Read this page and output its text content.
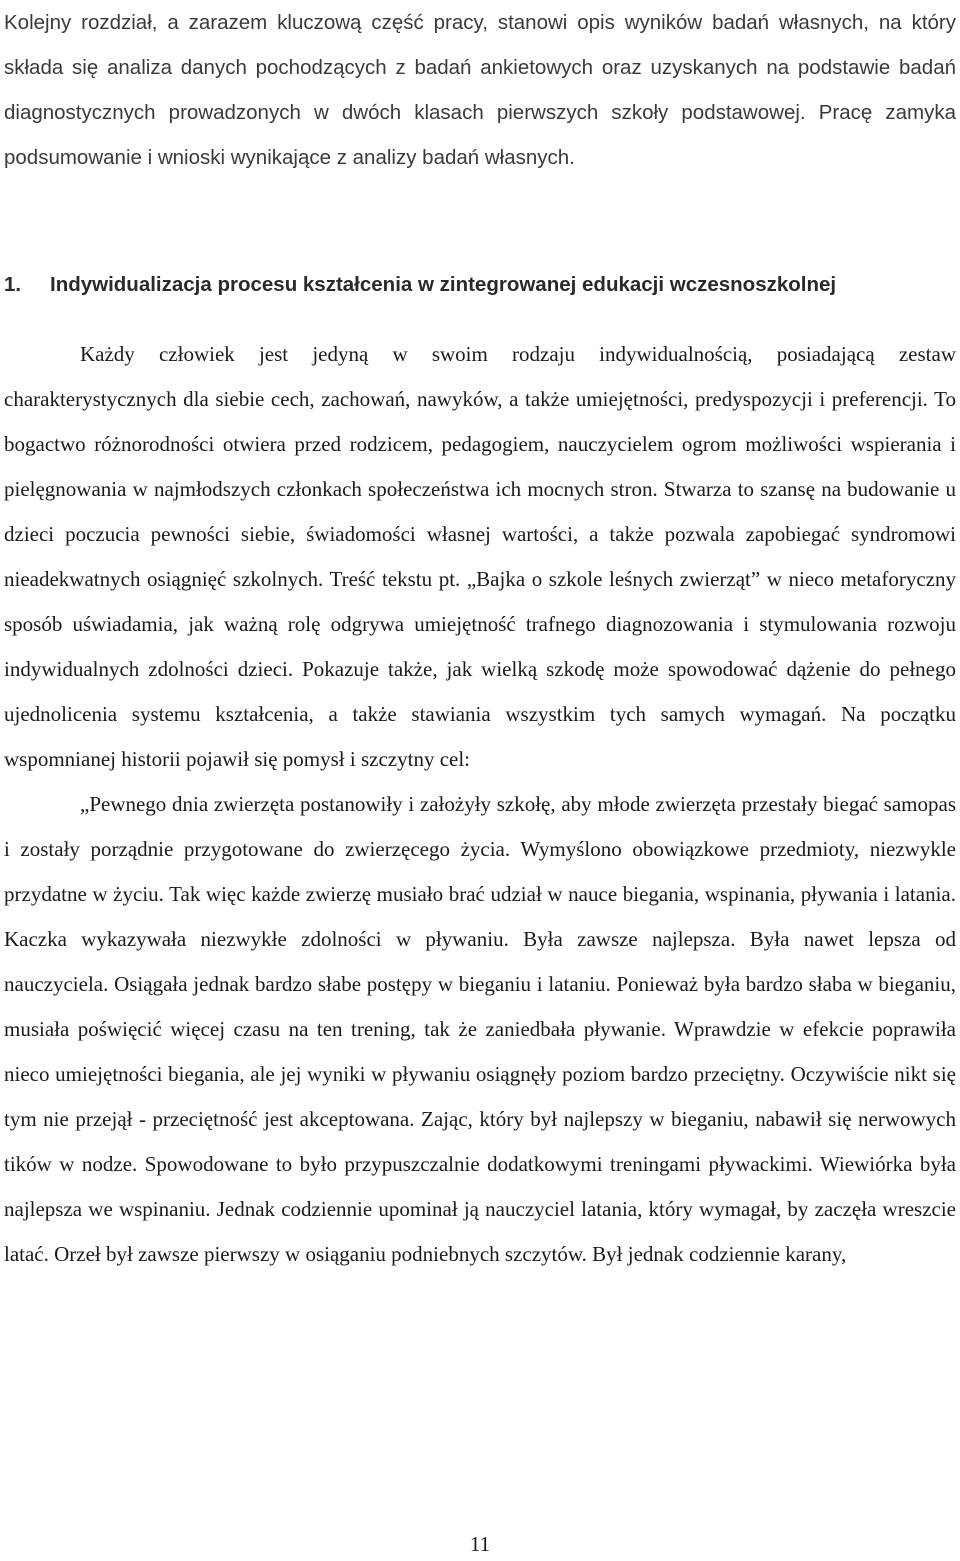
Kolejny rozdział, a zarazem kluczową część pracy, stanowi opis wyników badań własnych, na który składa się analiza danych pochodzących z badań ankietowych oraz uzyskanych na podstawie badań diagnostycznych prowadzonych w dwóch klasach pierwszych szkoły podstawowej. Pracę zamyka podsumowanie i wnioski wynikające z analizy badań własnych.

1. Indywidualizacja procesu kształcenia w zintegrowanej edukacji wczesnoszkolnej

Każdy człowiek jest jedyną w swoim rodzaju indywidualnością, posiadającą zestaw charakterystycznych dla siebie cech, zachowań, nawyków, a także umiejętności, predyspozycji i preferencji. To bogactwo różnorodności otwiera przed rodzicem, pedagogiem, nauczycielem ogrom możliwości wspierania i pielęgnowania w najmłodszych członkach społeczeństwa ich mocnych stron. Stwarza to szansę na budowanie u dzieci poczucia pewności siebie, świadomości własnej wartości, a także pozwala zapobiegać syndromowi nieadekwatnych osiągnięć szkolnych. Treść tekstu pt. „Bajka o szkole leśnych zwierząt” w nieco metaforyczny sposób uświadamia, jak ważną rolę odgrywa umiejętność trafnego diagnozowania i stymulowania rozwoju indywidualnych zdolności dzieci. Pokazuje także, jak wielką szkodę może spowodować dążenie do pełnego ujednolicenia systemu kształcenia, a także stawiania wszystkim tych samych wymagań. Na początku wspomnianej historii pojawił się pomysł i szczytny cel:

„Pewnego dnia zwierzęta postanowiły i założyły szkołę, aby młode zwierzęta przestały biegać samopas i zostały porządnie przygotowane do zwierzęcego życia. Wymyślono obowiązkowe przedmioty, niezwykle przydatne w życiu. Tak więc każde zwierzę musiało brać udział w nauce biegania, wspinania, pływania i latania. Kaczka wykazywała niezwykłe zdolności w pływaniu. Była zawsze najlepsza. Była nawet lepsza od nauczyciela. Osiągała jednak bardzo słabe postępy w bieganiu i lataniu. Ponieważ była bardzo słaba w bieganiu, musiała poświęcić więcej czasu na ten trening, tak że zaniedbała pływanie. Wprawdzie w efekcie poprawiła nieco umiejętności biegania, ale jej wyniki w pływaniu osiągnęły poziom bardzo przeciętny. Oczywiście nikt się tym nie przejął - przeciętność jest akceptowana. Zając, który był najlepszy w bieganiu, nabawił się nerwowych tików w nodze. Spowodowane to było przypuszczalnie dodatkowymi treningami pływackimi. Wiewiórka była najlepsza we wspinaniu. Jednak codziennie upominał ją nauczyciel latania, który wymagał, by zaczęła wreszcie latać. Orzeł był zawsze pierwszy w osiąganiu podniebnych szczytów. Był jednak codziennie karany,

11
